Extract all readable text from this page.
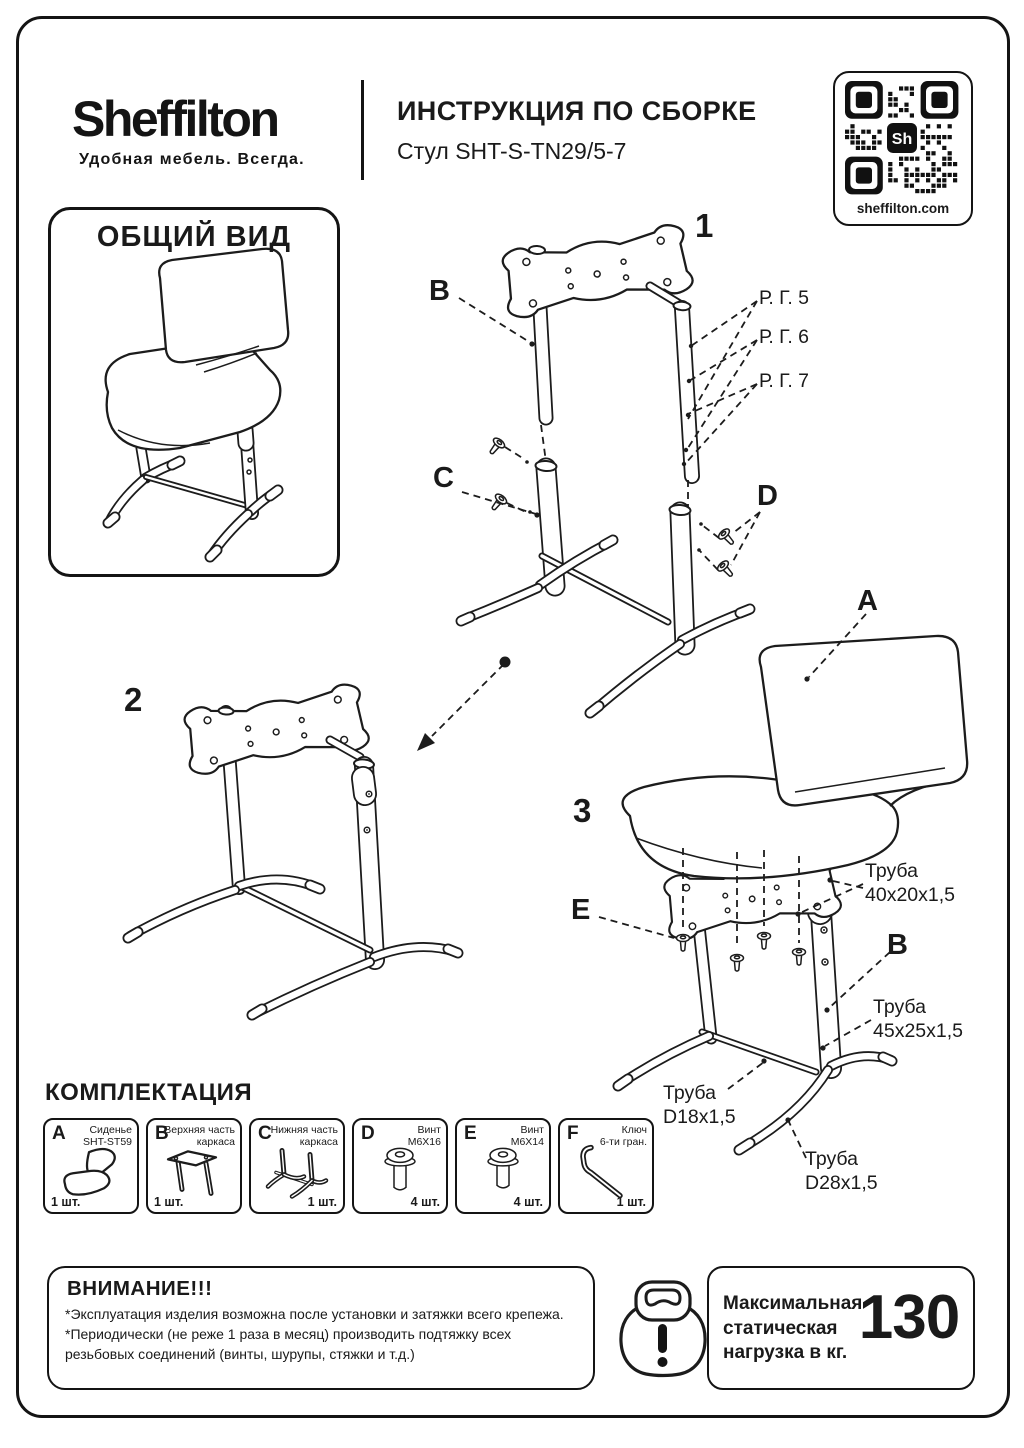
Sheffilton
Удобная мебель. Всегда.
ИНСТРУКЦИЯ ПО СБОРКЕ
Стул SHT-S-TN29/5-7	Sh
sheffilton.com
ОБЩИЙ ВИД	1
2
3
B
C
D
A
E
B
Р. Г. 5
Р. Г. 6
Р. Г. 7
Труба
40x20x1,5
Труба
45x25x1,5
Труба
D18x1,5
Труба
D28x1,5
КОМПЛЕКТАЦИЯ
A	Сиденье
SHT-ST59
1 шт.
B
Верхняя часть
каркаса
1 шт.
C
Нижняя часть
каркаса
1 шт.
D	Винт
M6X16
4 шт.
E	Винт
M6X14
4 шт.
F	Ключ
6-ти гран.
1 шт.
ВНИМАНИЕ!!!

*Эксплуатация изделия возможна после установки и затяжки всего крепежа.

*Периодически (не реже 1 раза в месяц) производить подтяжку всех резьбовых соединений (винты, шурупы, стяжки и т.д.)

Максимальная статическая нагрузка в кг.
130
